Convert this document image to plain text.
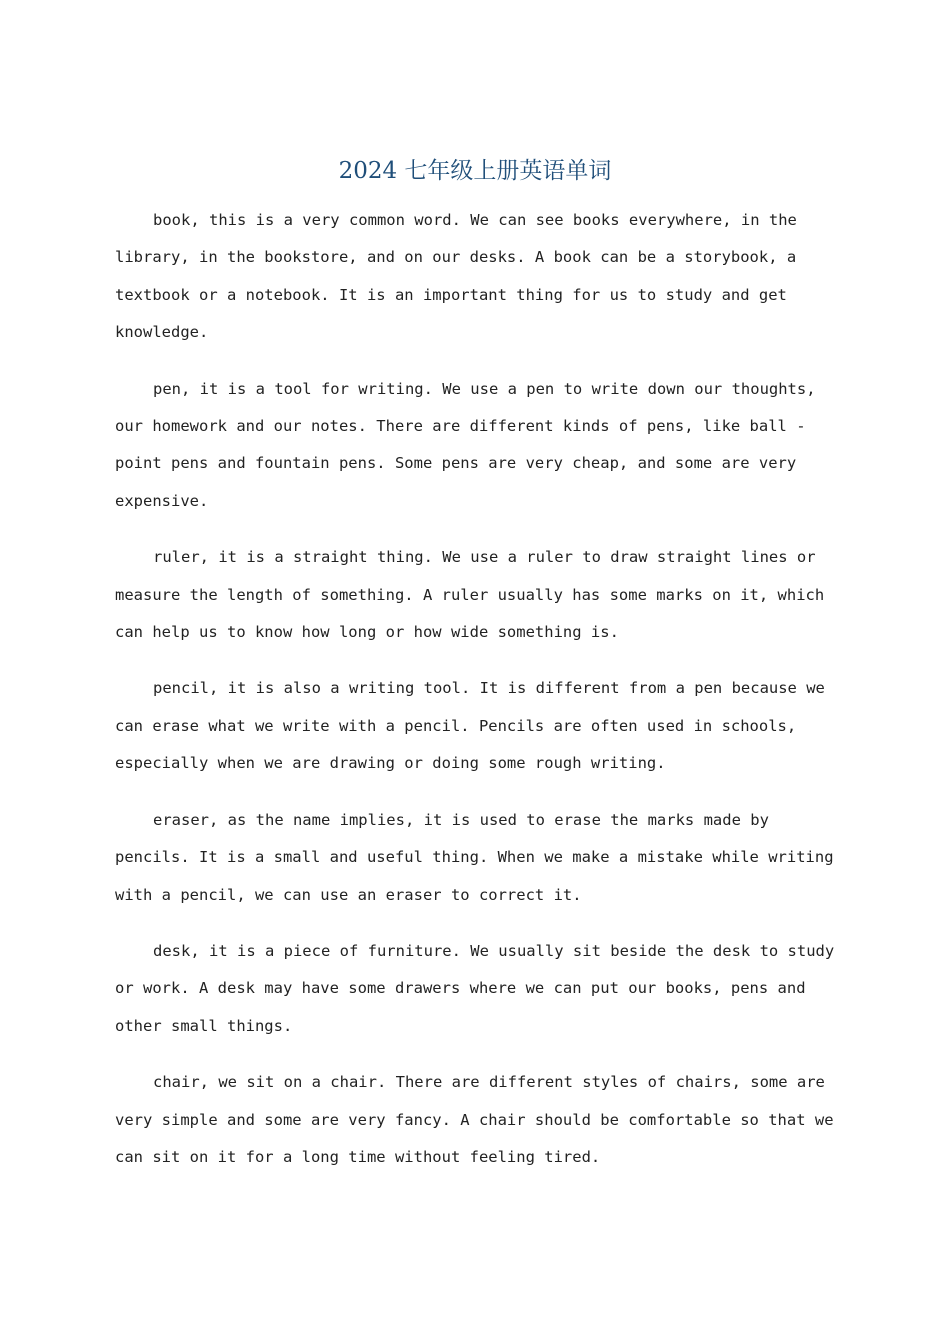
2024 七年级上册英语单词

book, this is a very common word. We can see books everywhere, in the library, in the bookstore, and on our desks. A book can be a storybook, a textbook or a notebook. It is an important thing for us to study and get knowledge.

pen, it is a tool for writing. We use a pen to write down our thoughts, our homework and our notes. There are different kinds of pens, like ball - point pens and fountain pens. Some pens are very cheap, and some are very expensive.

ruler, it is a straight thing. We use a ruler to draw straight lines or measure the length of something. A ruler usually has some marks on it, which can help us to know how long or how wide something is.

pencil, it is also a writing tool. It is different from a pen because we can erase what we write with a pencil. Pencils are often used in schools, especially when we are drawing or doing some rough writing.

eraser, as the name implies, it is used to erase the marks made by pencils. It is a small and useful thing. When we make a mistake while writing with a pencil, we can use an eraser to correct it.

desk, it is a piece of furniture. We usually sit beside the desk to study or work. A desk may have some drawers where we can put our books, pens and other small things.

chair, we sit on a chair. There are different styles of chairs, some are very simple and some are very fancy. A chair should be comfortable so that we can sit on it for a long time without feeling tired.
